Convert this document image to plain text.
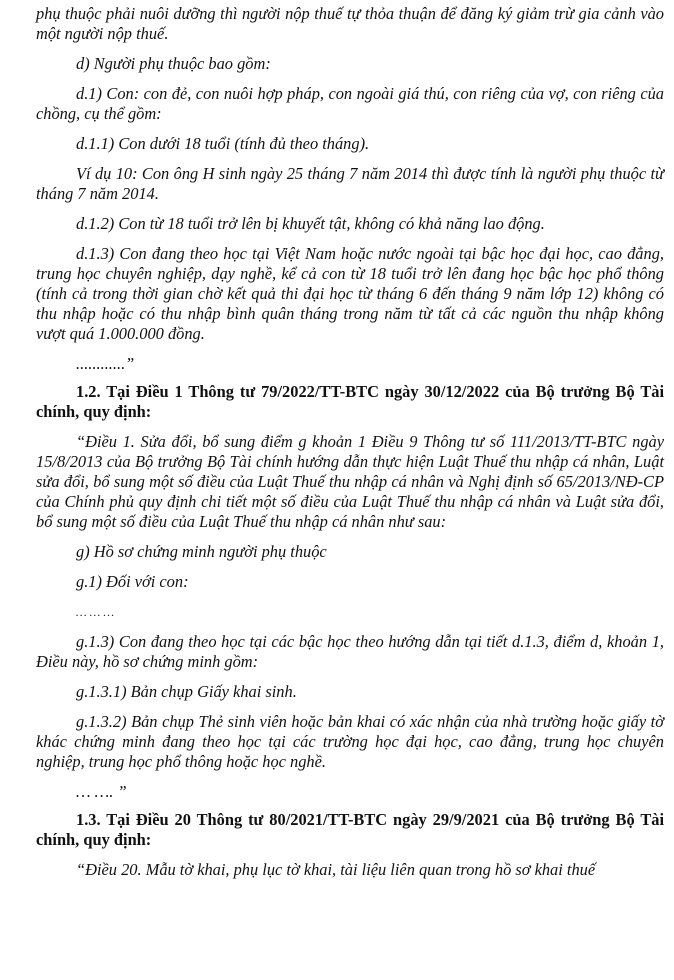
phụ thuộc phải nuôi dưỡng thì người nộp thuế tự thỏa thuận để đăng ký giảm trừ gia cảnh vào một người nộp thuế.

d) Người phụ thuộc bao gồm:

d.1) Con: con đẻ, con nuôi hợp pháp, con ngoài giá thú, con riêng của vợ, con riêng của chồng, cụ thể gồm:

d.1.1) Con dưới 18 tuổi (tính đủ theo tháng).

Ví dụ 10: Con ông H sinh ngày 25 tháng 7 năm 2014 thì được tính là người phụ thuộc từ tháng 7 năm 2014.

d.1.2) Con từ 18 tuổi trở lên bị khuyết tật, không có khả năng lao động.

d.1.3) Con đang theo học tại Việt Nam hoặc nước ngoài tại bậc học đại học, cao đẳng, trung học chuyên nghiệp, dạy nghề, kể cả con từ 18 tuổi trở lên đang học bậc học phổ thông (tính cả trong thời gian chờ kết quả thi đại học từ tháng 6 đến tháng 9 năm lớp 12) không có thu nhập hoặc có thu nhập bình quân tháng trong năm từ tất cả các nguồn thu nhập không vượt quá 1.000.000 đồng.

............”

1.2. Tại Điều 1 Thông tư 79/2022/TT-BTC ngày 30/12/2022 của Bộ trưởng Bộ Tài chính, quy định:

“Điều 1. Sửa đổi, bổ sung điểm g khoản 1 Điều 9 Thông tư số 111/2013/TT-BTC ngày 15/8/2013 của Bộ trưởng Bộ Tài chính hướng dẫn thực hiện Luật Thuế thu nhập cá nhân, Luật sửa đổi, bổ sung một số điều của Luật Thuế thu nhập cá nhân và Nghị định số 65/2013/NĐ-CP của Chính phủ quy định chi tiết một số điều của Luật Thuế thu nhập cá nhân và Luật sửa đổi, bổ sung một số điều của Luật Thuế thu nhập cá nhân như sau:

g) Hồ sơ chứng minh người phụ thuộc

g.1) Đối với con:

… … …

g.1.3) Con đang theo học tại các bậc học theo hướng dẫn tại tiết d.1.3, điểm d, khoản 1, Điều này, hồ sơ chứng minh gồm:

g.1.3.1) Bản chụp Giấy khai sinh.

g.1.3.2) Bản chụp Thẻ sinh viên hoặc bản khai có xác nhận của nhà trường hoặc giấy tờ khác chứng minh đang theo học tại các trường học đại học, cao đẳng, trung học chuyên nghiệp, trung học phổ thông hoặc học nghề.

… …. ”

1.3. Tại Điều 20 Thông tư 80/2021/TT-BTC ngày 29/9/2021 của Bộ trưởng Bộ Tài chính, quy định:

“Điều 20. Mẫu tờ khai, phụ lục tờ khai, tài liệu liên quan trong hồ sơ khai thuế
